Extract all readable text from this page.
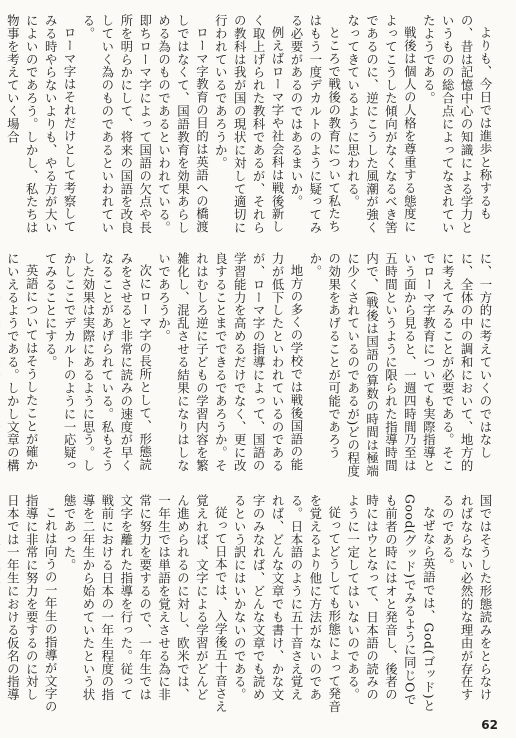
よりも、今日では進歩と称するもの、昔は記憶中心の知識による学力というものの総合点によってなされていたようである。

戦後は個人の人格を尊重する態度によってこうした傾向がなくなるべき筈であるのに、逆にこうした風潮が強くなってきているように思われる。

ところで戦後の教育について私たちはもう一度デカルトのように疑ってみる必要があるのではあるまいか。

例えばローマ字や社会科は戦後新しく取上げられた教科であるが、それらの教科は我が国の現状に対して適切に行われているであろうか。

ローマ字教育の目的は英語への橋渡しではなくて、国語教育を効果あらしめる為のものであるといわれている。即ちローマ字によって国語の欠点や長所を明らかにして、将来の国語を改良していく為のものであるといわれている。

ローマ字はそれだけとして考察してみる時やらないよりも、やる方が大いによいのであろう。しかし、私たちは物事を考えていく場合

に、一方的に考えていくのではなしに、全体の中の調和において、地方的に考えてみることが必要である。そこでローマ字教育についても実際指導という面から見ると、一週四時間乃至は五時間というように限られた指導時間内で、(戦後は国語の算数の時間は極端に少くされているのであるが)どの程度の効果をあげることが可能であろうか。

地方の多くの学校では戦後国語の能力が低下したといわれているのであるが、ローマ字の指導によって、国語の学習能力を高めるだけでなく、更に改良することまでできるであろうか。それはむしろ逆に子どもの学習内容を繁雑化し、混乱させる結果になりはしないであろうか。

次にローマ字の長所として、形態読みをさせると非常に読みの速度が早くなることがあげられている。私もそうした効果は実際にあるように思う。しかしここでデカルトのように一応疑ってみることにする。

英語についてはそうしたことが確かにいえるようである。しかし文章の構

国ではそうした形態読みをとらなければならない必然的な理由が存在するのである。

なぜなら英語では、God(ゴッド)とGood(グッド)でみるように同じOでも前者の時にはオと発音し、後者の時にはウとなって、日本語の読みのように一定してはいないのである。

従ってどうしても形態によって発音を覚えるより他に方法がないのである。日本語のように五十音さえ覚えれば、どんな文章でも書け、かな文字のみなれば、どんな文章でも読めるという訳にはいかないのである。

従って日本では、入学後五十音さえ覚えれば、文字による学習がどんどん進められるのに対し、欧米では、一年生では単語を覚えさせる為に非常に努力を要するので、一年生では文字を離れた指導を行った。従って戦前における日本の一年生程度の指導を二年生から始めていたという状態であった。

これは向うの一年生の指導が文字の指導に非常に努力を要するのに対し日本では一年生における仮名の指導

62
